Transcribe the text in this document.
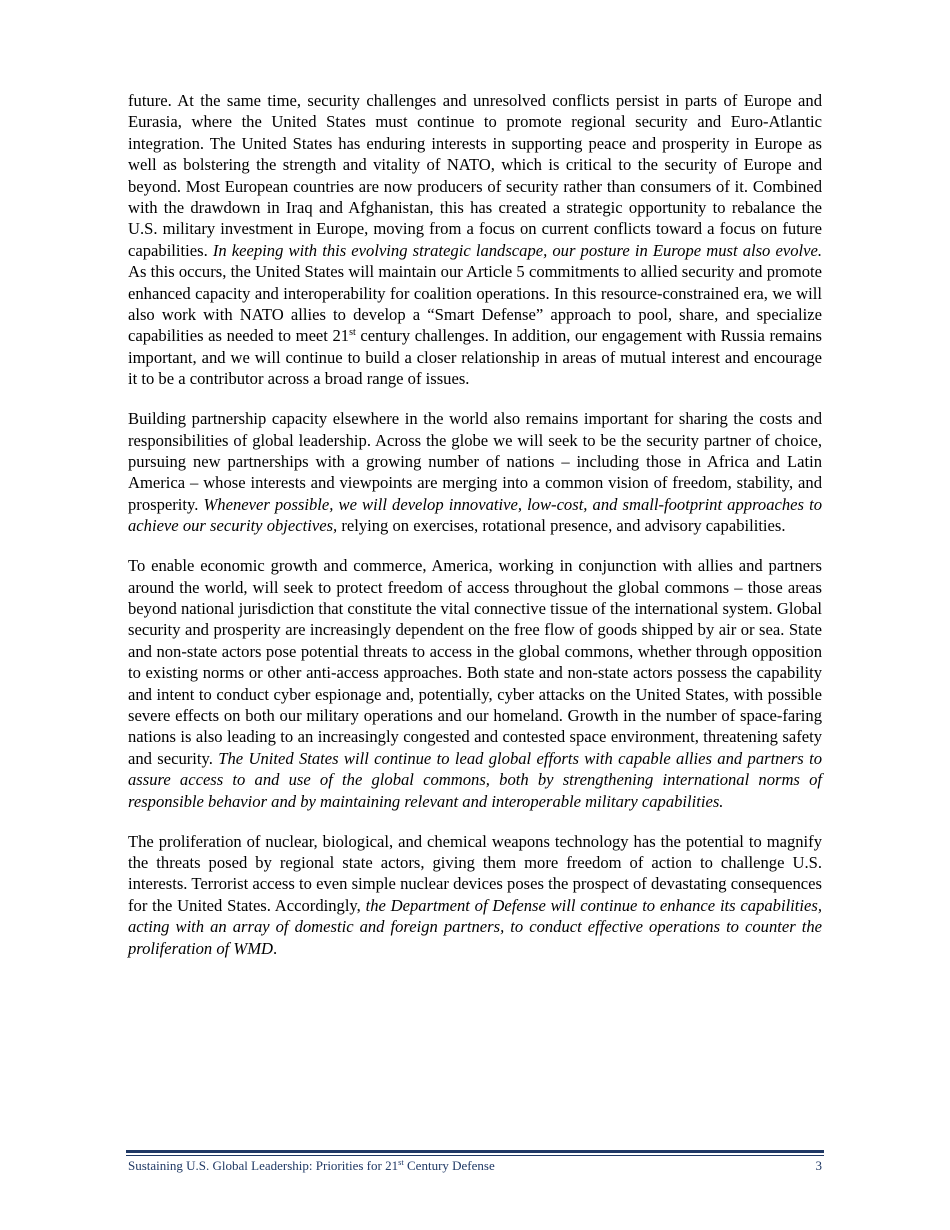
future. At the same time, security challenges and unresolved conflicts persist in parts of Europe and Eurasia, where the United States must continue to promote regional security and Euro-Atlantic integration. The United States has enduring interests in supporting peace and prosperity in Europe as well as bolstering the strength and vitality of NATO, which is critical to the security of Europe and beyond. Most European countries are now producers of security rather than consumers of it. Combined with the drawdown in Iraq and Afghanistan, this has created a strategic opportunity to rebalance the U.S. military investment in Europe, moving from a focus on current conflicts toward a focus on future capabilities. In keeping with this evolving strategic landscape, our posture in Europe must also evolve. As this occurs, the United States will maintain our Article 5 commitments to allied security and promote enhanced capacity and interoperability for coalition operations. In this resource-constrained era, we will also work with NATO allies to develop a “Smart Defense” approach to pool, share, and specialize capabilities as needed to meet 21st century challenges. In addition, our engagement with Russia remains important, and we will continue to build a closer relationship in areas of mutual interest and encourage it to be a contributor across a broad range of issues.

Building partnership capacity elsewhere in the world also remains important for sharing the costs and responsibilities of global leadership. Across the globe we will seek to be the security partner of choice, pursuing new partnerships with a growing number of nations – including those in Africa and Latin America – whose interests and viewpoints are merging into a common vision of freedom, stability, and prosperity. Whenever possible, we will develop innovative, low-cost, and small-footprint approaches to achieve our security objectives, relying on exercises, rotational presence, and advisory capabilities.

To enable economic growth and commerce, America, working in conjunction with allies and partners around the world, will seek to protect freedom of access throughout the global commons – those areas beyond national jurisdiction that constitute the vital connective tissue of the international system. Global security and prosperity are increasingly dependent on the free flow of goods shipped by air or sea. State and non-state actors pose potential threats to access in the global commons, whether through opposition to existing norms or other anti-access approaches. Both state and non-state actors possess the capability and intent to conduct cyber espionage and, potentially, cyber attacks on the United States, with possible severe effects on both our military operations and our homeland. Growth in the number of space-faring nations is also leading to an increasingly congested and contested space environment, threatening safety and security. The United States will continue to lead global efforts with capable allies and partners to assure access to and use of the global commons, both by strengthening international norms of responsible behavior and by maintaining relevant and interoperable military capabilities.

The proliferation of nuclear, biological, and chemical weapons technology has the potential to magnify the threats posed by regional state actors, giving them more freedom of action to challenge U.S. interests. Terrorist access to even simple nuclear devices poses the prospect of devastating consequences for the United States. Accordingly, the Department of Defense will continue to enhance its capabilities, acting with an array of domestic and foreign partners, to conduct effective operations to counter the proliferation of WMD.

Sustaining U.S. Global Leadership: Priorities for 21st Century Defense	3
